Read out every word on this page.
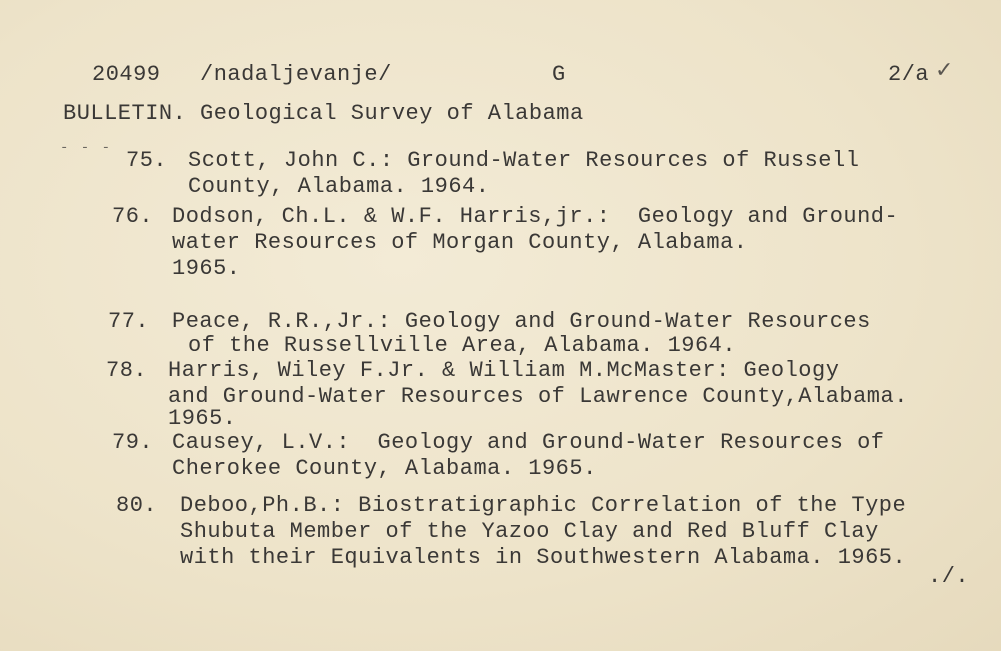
20499 /nadaljevanje/	G	2/a ✓
BULLETIN. Geological Survey of Alabama
- - - 75. Scott, John C.: Ground-Water Resources of Russell
County, Alabama. 1964.
76. Dodson, Ch.L. & W.F. Harris,jr.:  Geology and Ground-
water Resources of Morgan County, Alabama.
1965.
77. Peace, R.R.,Jr.: Geology and Ground-Water Resources
of the Russellville Area, Alabama. 1964.
78. Harris, Wiley F.Jr. & William M.McMaster: Geology
and Ground-Water Resources of Lawrence County,Alabama.
1965.
79. Causey, L.V.:  Geology and Ground-Water Resources of
Cherokee County, Alabama. 1965.
80. Deboo,Ph.B.: Biostratigraphic Correlation of the Type
Shubuta Member of the Yazoo Clay and Red Bluff Clay
with their Equivalents in Southwestern Alabama. 1965.
./.
